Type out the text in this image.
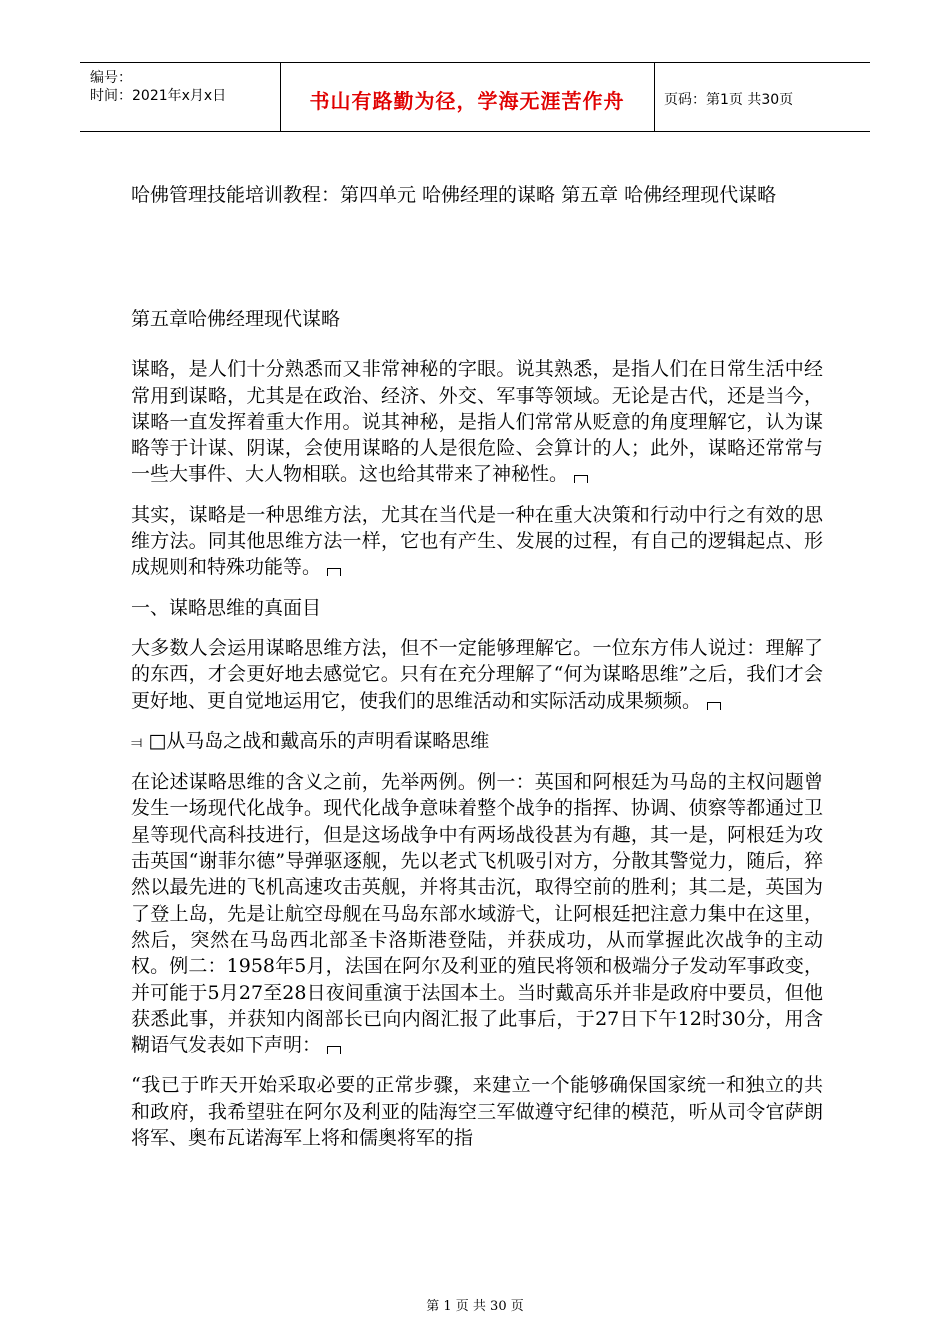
编号：
时间：2021年x月x日	书山有路勤为径，学海无涯苦作舟	页码：第1页 共30页
哈佛管理技能培训教程：第四单元 哈佛经理的谋略 第五章 哈佛经理现代谋略

第五章哈佛经理现代谋略

谋略，是人们十分熟悉而又非常神秘的字眼。说其熟悉，是指人们在日常生活中经常用到谋略，尤其是在政治、经济、外交、军事等领域。无论是古代，还是当今，谋略一直发挥着重大作用。说其神秘，是指人们常常从贬意的角度理解它，认为谋略等于计谋、阴谋，会使用谋略的人是很危险、会算计的人；此外，谋略还常常与一些大事件、大人物相联。这也给其带来了神秘性。

其实，谋略是一种思维方法，尤其在当代是一种在重大决策和行动中行之有效的思维方法。同其他思维方法一样，它也有产生、发展的过程，有自己的逻辑起点、形成规则和特殊功能等。

一、谋略思维的真面目

大多数人会运用谋略思维方法，但不一定能够理解它。一位东方伟人说过：理解了的东西，才会更好地去感觉它。只有在充分理解了“何为谋略思维”之后，我们才会更好地、更自觉地运用它，使我们的思维活动和实际活动成果频频。

⫤ □从马岛之战和戴高乐的声明看谋略思维

在论述谋略思维的含义之前，先举两例。例一：英国和阿根廷为马岛的主权问题曾发生一场现代化战争。现代化战争意味着整个战争的指挥、协调、侦察等都通过卫星等现代高科技进行，但是这场战争中有两场战役甚为有趣，其一是，阿根廷为攻击英国“谢菲尔德”导弹驱逐舰，先以老式飞机吸引对方，分散其警觉力，随后，猝然以最先进的飞机高速攻击英舰，并将其击沉，取得空前的胜利；其二是，英国为了登上岛，先是让航空母舰在马岛东部水域游弋，让阿根廷把注意力集中在这里，然后，突然在马岛西北部圣卡洛斯港登陆，并获成功，从而掌握此次战争的主动权。例二：1958年5月，法国在阿尔及利亚的殖民将领和极端分子发动军事政变，并可能于5月27至28日夜间重演于法国本土。当时戴高乐并非是政府中要员，但他获悉此事，并获知内阁部长已向内阁汇报了此事后，于27日下午12时30分，用含糊语气发表如下声明：

“我已于昨天开始采取必要的正常步骤，来建立一个能够确保国家统一和独立的共和政府，我希望驻在阿尔及利亚的陆海空三军做遵守纪律的模范，听从司令官萨朗将军、奥布瓦诺海军上将和儒奥将军的指

第 1 页 共 30 页
